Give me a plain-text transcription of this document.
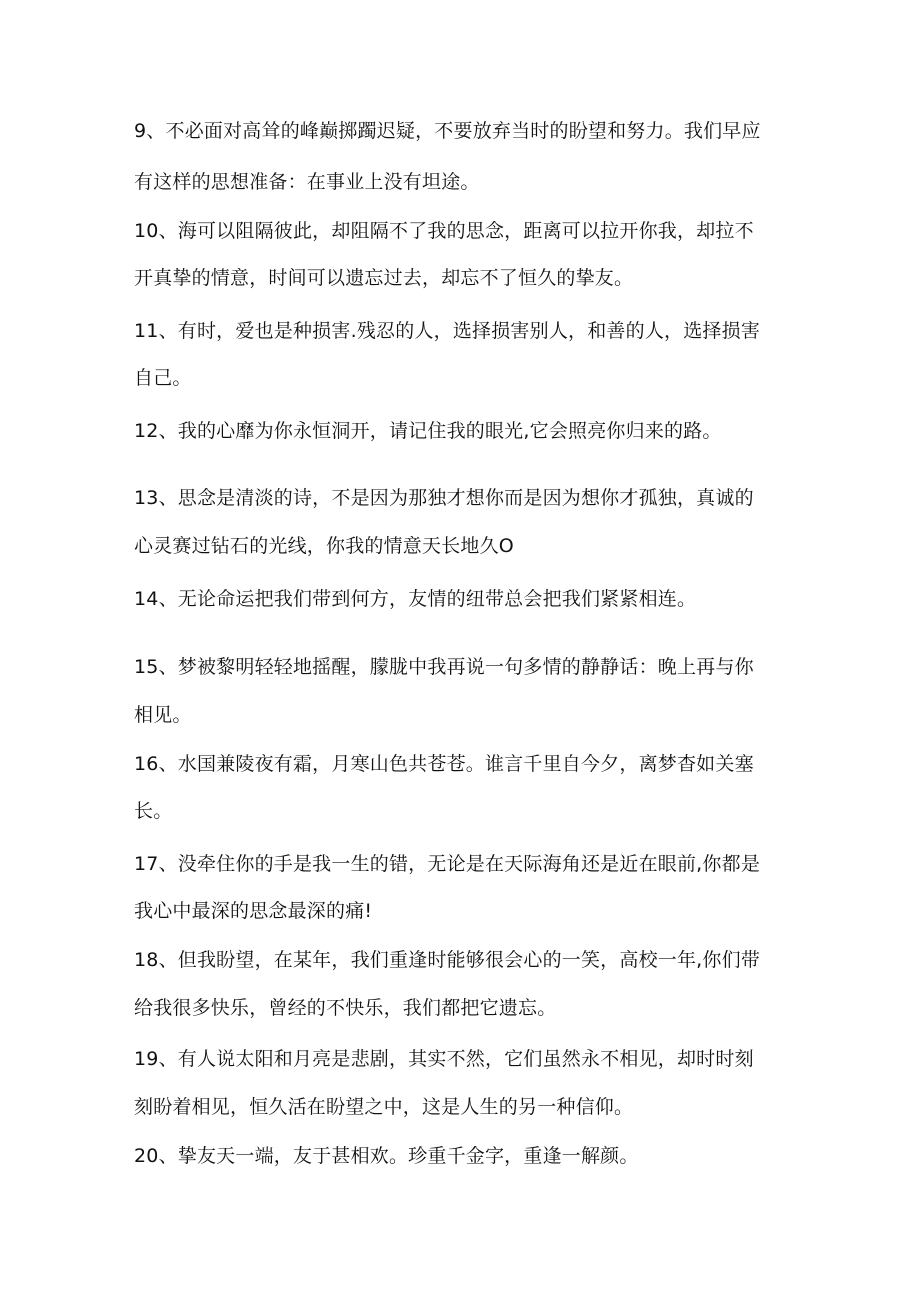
9、不必面对高耸的峰巅掷躅迟疑，不要放弃当时的盼望和努力。我们早应
有这样的思想准备：在事业上没有坦途。
10、海可以阻隔彼此，却阻隔不了我的思念，距离可以拉开你我，却拉不
开真挚的情意，时间可以遗忘过去，却忘不了恒久的挚友。
11、有时，爱也是种损害.残忍的人，选择损害别人，和善的人，选择损害
自己。
12、我的心靡为你永恒洞开，请记住我的眼光,它会照亮你归来的路。
13、思念是清淡的诗，不是因为那独才想你而是因为想你才孤独，真诚的
心灵赛过钻石的光线，你我的情意天长地久O
14、无论命运把我们带到何方，友情的纽带总会把我们紧紧相连。
15、梦被黎明轻轻地摇醒，朦胧中我再说一句多情的静静话：晚上再与你
相见。
16、水国兼陵夜有霜，月寒山色共苍苍。谁言千里自今夕，离梦杳如关塞
长。
17、没牵住你的手是我一生的错，无论是在天际海角还是近在眼前,你都是
我心中最深的思念最深的痛!
18、但我盼望，在某年，我们重逢时能够很会心的一笑，高校一年,你们带
给我很多快乐，曾经的不快乐，我们都把它遗忘。
19、有人说太阳和月亮是悲剧，其实不然，它们虽然永不相见，却时时刻
刻盼着相见，恒久活在盼望之中，这是人生的另一种信仰。
20、挚友天一端，友于甚相欢。珍重千金字，重逢一解颜。
